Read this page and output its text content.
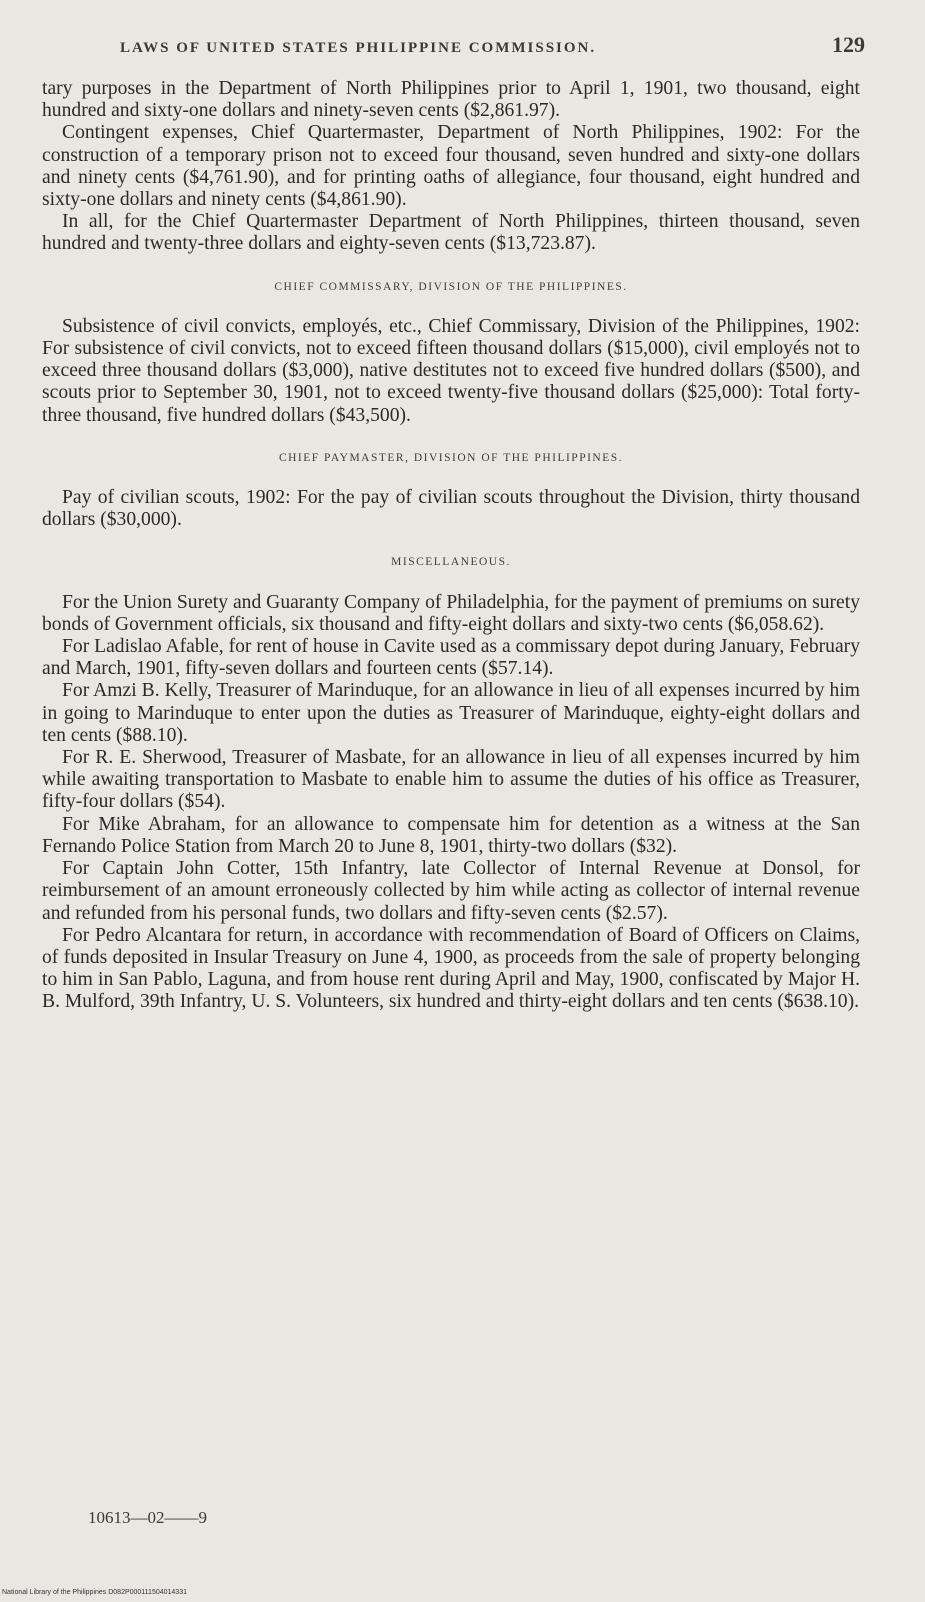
LAWS OF UNITED STATES PHILIPPINE COMMISSION.	129

tary purposes in the Department of North Philippines prior to April 1, 1901, two thousand, eight hundred and sixty-one dollars and ninety-seven cents ($2,861.97).

Contingent expenses, Chief Quartermaster, Department of North Philippines, 1902: For the construction of a temporary prison not to exceed four thousand, seven hundred and sixty-one dollars and ninety cents ($4,761.90), and for printing oaths of allegiance, four thousand, eight hundred and sixty-one dollars and ninety cents ($4,861.90).

In all, for the Chief Quartermaster Department of North Philippines, thirteen thousand, seven hundred and twenty-three dollars and eighty-seven cents ($13,723.87).

CHIEF COMMISSARY, DIVISION OF THE PHILIPPINES.

Subsistence of civil convicts, employés, etc., Chief Commissary, Division of the Philippines, 1902: For subsistence of civil convicts, not to exceed fifteen thousand dollars ($15,000), civil employés not to exceed three thousand dollars ($3,000), native destitutes not to exceed five hundred dollars ($500), and scouts prior to September 30, 1901, not to exceed twenty-five thousand dollars ($25,000): Total forty-three thousand, five hundred dollars ($43,500).

CHIEF PAYMASTER, DIVISION OF THE PHILIPPINES.

Pay of civilian scouts, 1902: For the pay of civilian scouts throughout the Division, thirty thousand dollars ($30,000).

MISCELLANEOUS.

For the Union Surety and Guaranty Company of Philadelphia, for the payment of premiums on surety bonds of Government officials, six thousand and fifty-eight dollars and sixty-two cents ($6,058.62).

For Ladislao Afable, for rent of house in Cavite used as a commissary depot during January, February and March, 1901, fifty-seven dollars and fourteen cents ($57.14).

For Amzi B. Kelly, Treasurer of Marinduque, for an allowance in lieu of all expenses incurred by him in going to Marinduque to enter upon the duties as Treasurer of Marinduque, eighty-eight dollars and ten cents ($88.10).

For R. E. Sherwood, Treasurer of Masbate, for an allowance in lieu of all expenses incurred by him while awaiting transportation to Masbate to enable him to assume the duties of his office as Treasurer, fifty-four dollars ($54).

For Mike Abraham, for an allowance to compensate him for detention as a witness at the San Fernando Police Station from March 20 to June 8, 1901, thirty-two dollars ($32).

For Captain John Cotter, 15th Infantry, late Collector of Internal Revenue at Donsol, for reimbursement of an amount erroneously collected by him while acting as collector of internal revenue and refunded from his personal funds, two dollars and fifty-seven cents ($2.57).

For Pedro Alcantara for return, in accordance with recommendation of Board of Officers on Claims, of funds deposited in Insular Treasury on June 4, 1900, as proceeds from the sale of property belonging to him in San Pablo, Laguna, and from house rent during April and May, 1900, confiscated by Major H. B. Mulford, 39th Infantry, U. S. Volunteers, six hundred and thirty-eight dollars and ten cents ($638.10).

10613—02——9
National Library of the Philippines D082P000111504014331
